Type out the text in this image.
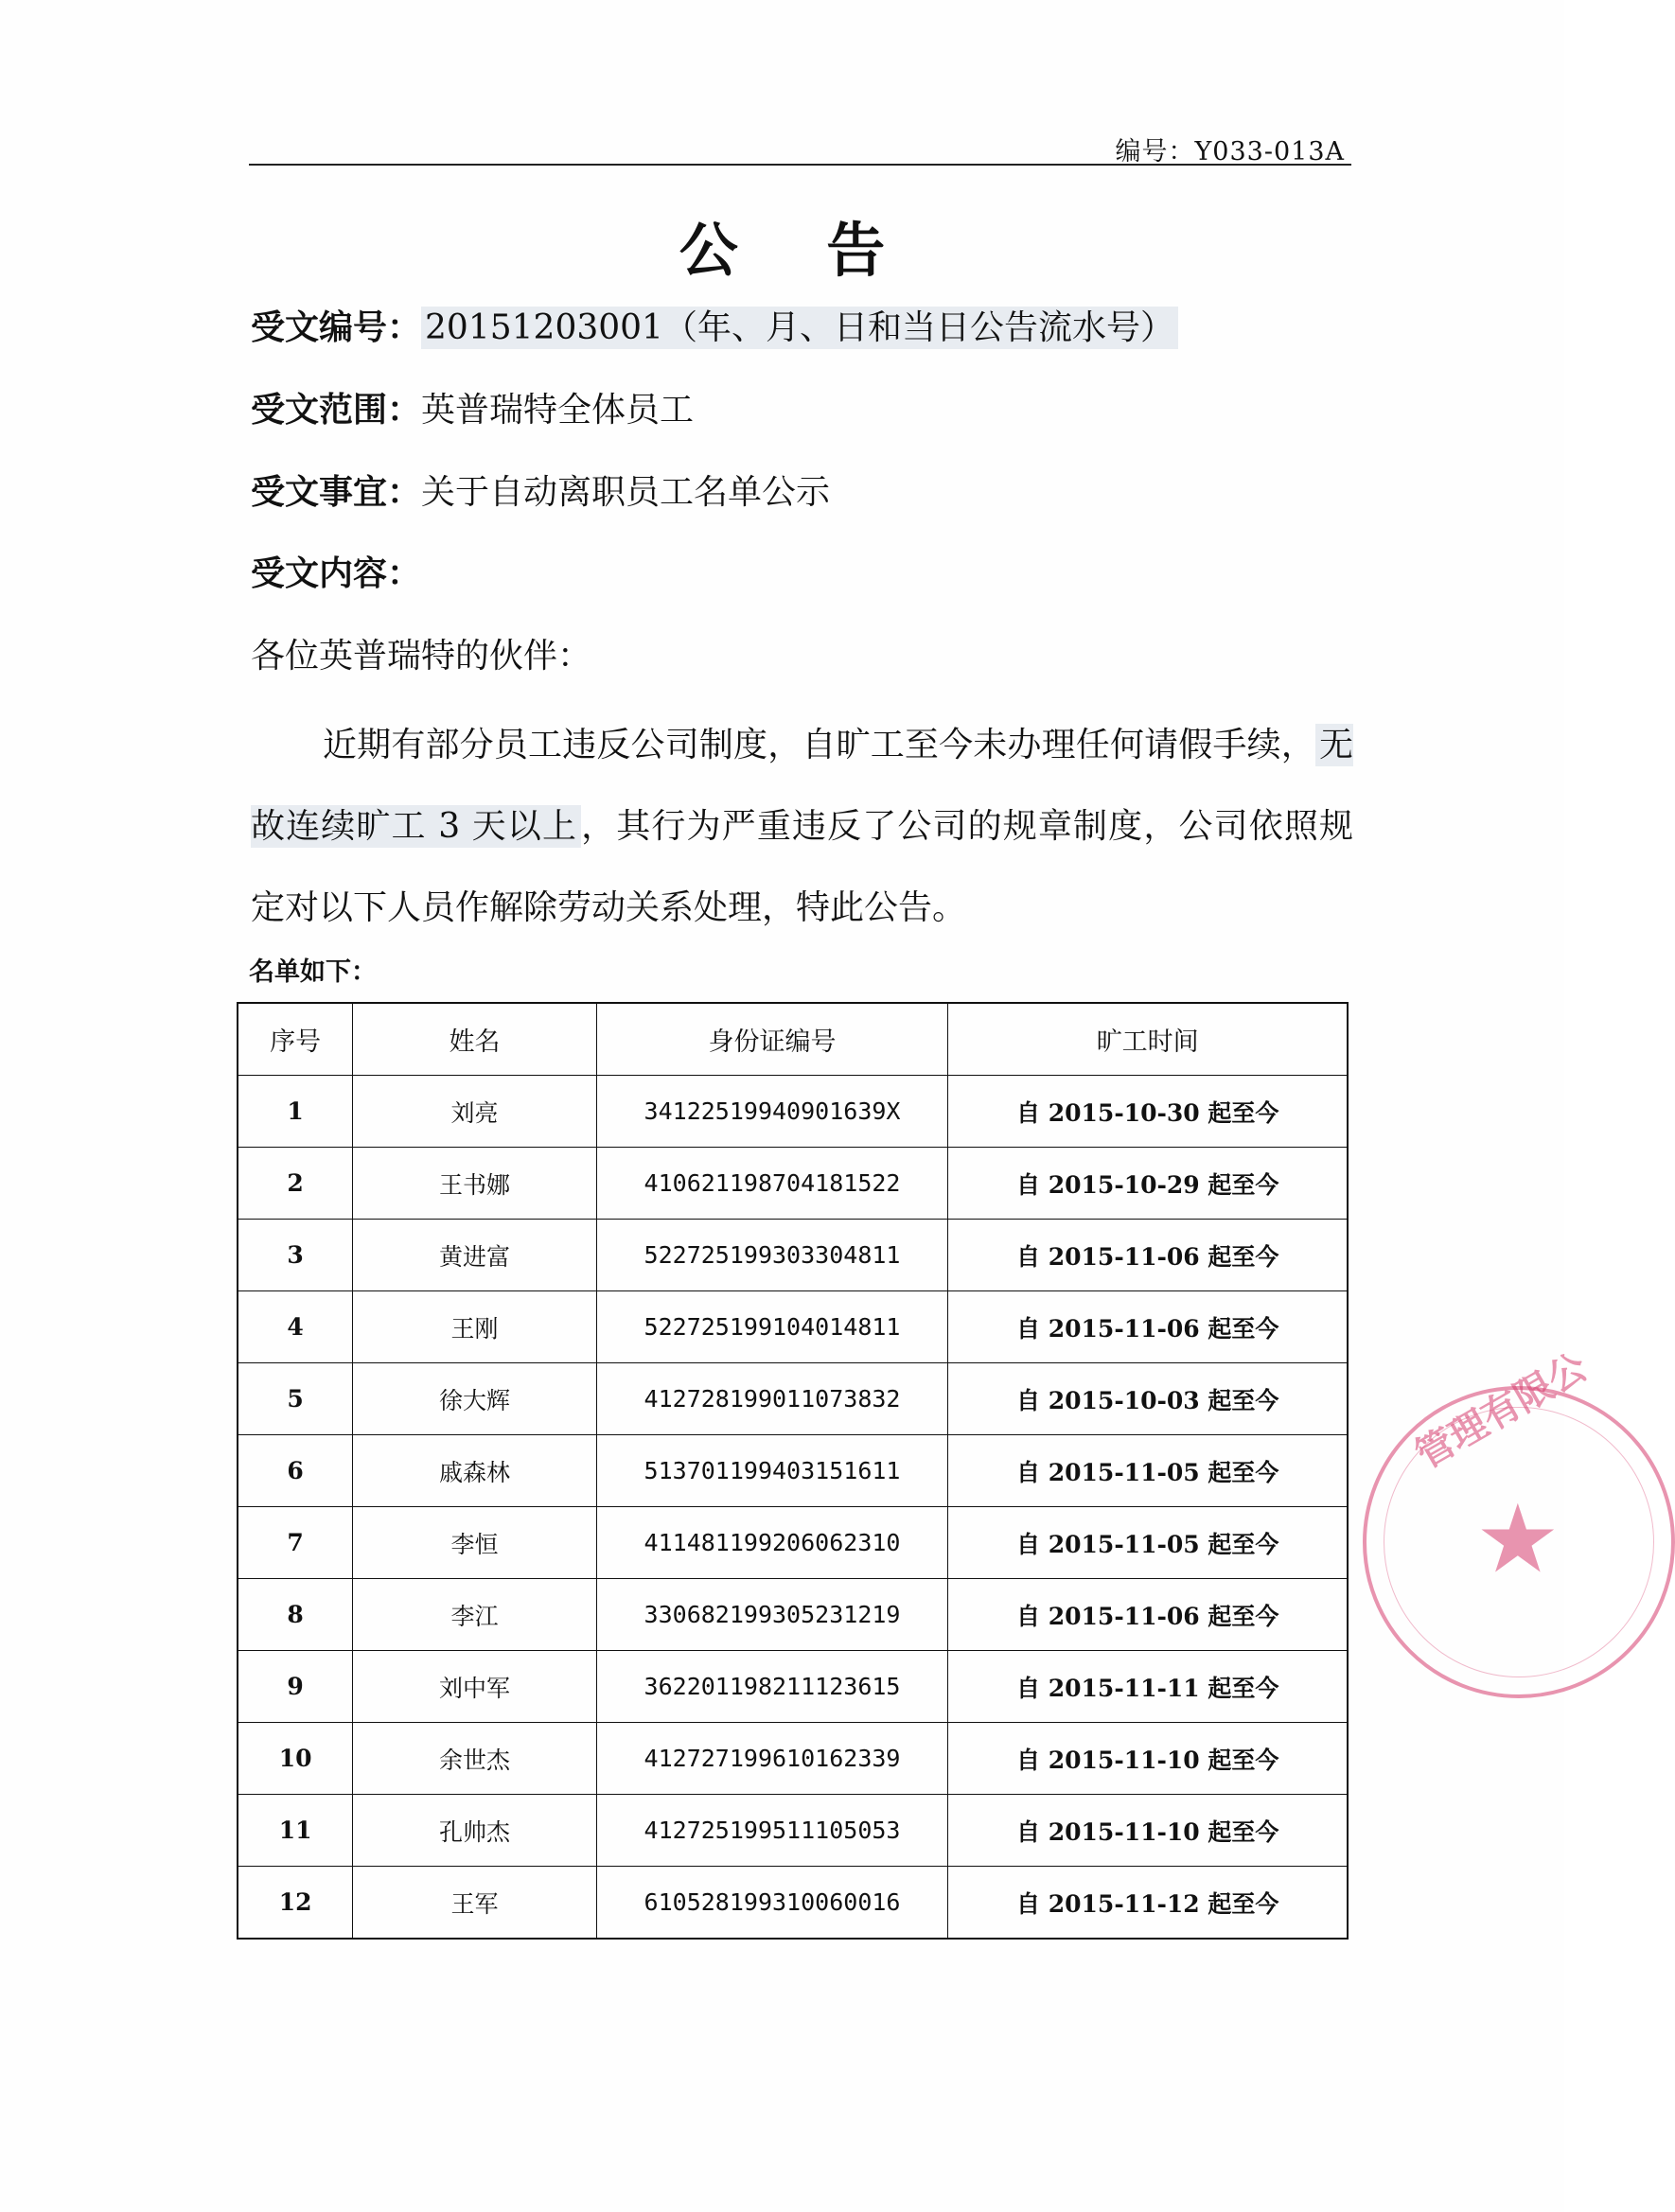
编号：Y033-013A
公 告
受文编号： 20151203001（年、月、日和当日公告流水号）
受文范围：英普瑞特全体员工
受文事宜：关于自动离职员工名单公示
受文内容：
各位英普瑞特的伙伴：
近期有部分员工违反公司制度，自旷工至今未办理任何请假手续， 无故连续旷工 3 天以上 ，其行为严重违反了公司的规章制度，公司依照规定对以下人员作解除劳动关系处理，特此公告。
名单如下：
序号	姓名	身份证编号	旷工时间
1	刘亮	34122519940901639X	自 2015-10-30 起至今
2	王书娜	410621198704181522	自 2015-10-29 起至今
3	黄进富	522725199303304811	自 2015-11-06 起至今
4	王刚	522725199104014811	自 2015-11-06 起至今
5	徐大辉	412728199011073832	自 2015-10-03 起至今
6	戚森林	513701199403151611	自 2015-11-05 起至今
7	李恒	411481199206062310	自 2015-11-05 起至今
8	李江	330682199305231219	自 2015-11-06 起至今
9	刘中军	362201198211123615	自 2015-11-11 起至今
10	余世杰	412727199610162339	自 2015-11-10 起至今
11	孔帅杰	412725199511105053	自 2015-11-10 起至今
12	王军	610528199310060016	自 2015-11-12 起至今
管理有限公
★
